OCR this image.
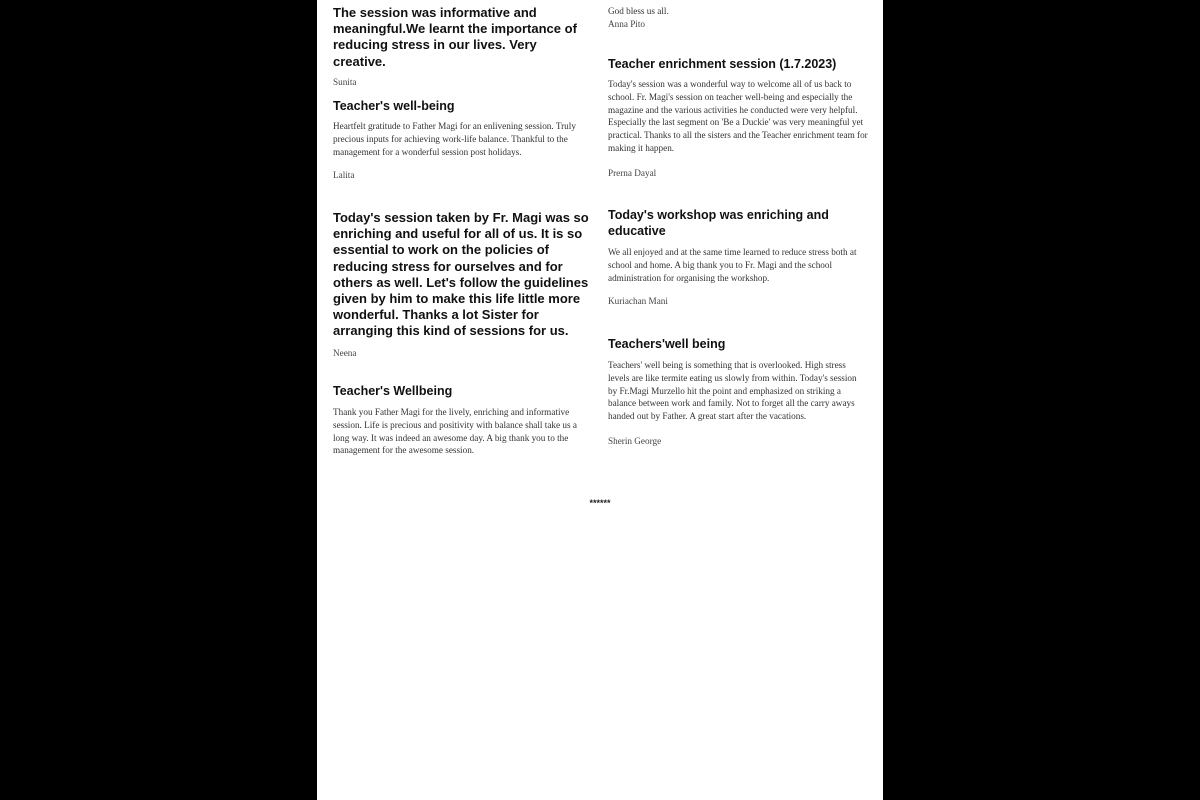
The session was informative and meaningful.We learnt the importance of reducing stress in our lives. Very creative.

Sunita

Teacher's well-being

Heartfelt gratitude to Father Magi for an enlivening session. Truly precious inputs for achieving work-life balance. Thankful to the management for a wonderful session post holidays.

Lalita

Today's session taken by Fr. Magi was so enriching and useful for all of us. It is so essential to work on the policies of reducing stress for ourselves and for others as well. Let's follow the guidelines given by him to make this life little more wonderful. Thanks a lot Sister for arranging this kind of sessions for us.

Neena

Teacher's Wellbeing

Thank you Father Magi for the lively, enriching and informative session. Life is precious and positivity with balance shall take us a long way. It was indeed an awesome day. A big thank you to the management for the awesome session.

God bless us all.

Anna Pito

Teacher enrichment session (1.7.2023)

Today's session was a wonderful way to welcome all of us back to school. Fr. Magi's session on teacher well-being and especially the magazine and the various activities he conducted were very helpful. Especially the last segment on 'Be a Duckie' was very meaningful yet practical. Thanks to all the sisters and the Teacher enrichment team for making it happen.

Prerna Dayal

Today's workshop was enriching and educative

We all enjoyed and at the same time learned to reduce stress both at school and home. A big thank you to Fr. Magi and the school administration for organising the workshop.

Kuriachan Mani

Teachers'well being

Teachers' well being is something that is overlooked. High stress levels are like termite eating us slowly from within. Today's session by Fr.Magi Murzello hit the point and emphasized on striking a balance between work and family. Not to forget all the carry aways handed out by Father. A great start after the vacations.

Sherin George

******
